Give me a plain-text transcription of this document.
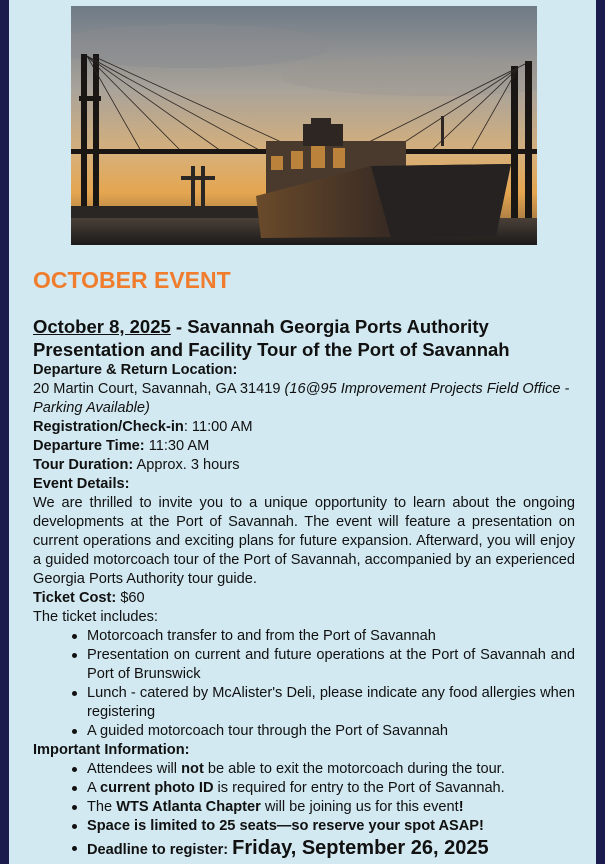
OCTOBER EVENT
October 8, 2025 - Savannah Georgia Ports Authority Presentation and Facility Tour of the Port of Savannah
Departure & Return Location:
20 Martin Court, Savannah, GA 31419 (16@95 Improvement Projects Field Office - Parking Available)
Registration/Check-in: 11:00 AM
Departure Time: 11:30 AM
Tour Duration: Approx. 3 hours
Event Details:
We are thrilled to invite you to a unique opportunity to learn about the ongoing developments at the Port of Savannah. The event will feature a presentation on current operations and exciting plans for future expansion. Afterward, you will enjoy a guided motorcoach tour of the Port of Savannah, accompanied by an experienced Georgia Ports Authority tour guide.
Ticket Cost: $60
The ticket includes:
Motorcoach transfer to and from the Port of Savannah
Presentation on current and future operations at the Port of Savannah and Port of Brunswick
Lunch - catered by McAlister's Deli, please indicate any food allergies when registering
A guided motorcoach tour through the Port of Savannah
Important Information:
Attendees will not be able to exit the motorcoach during the tour.
A current photo ID is required for entry to the Port of Savannah.
The WTS Atlanta Chapter will be joining us for this event!
Space is limited to 25 seats—so reserve your spot ASAP!
Deadline to register: Friday, September 26, 2025
